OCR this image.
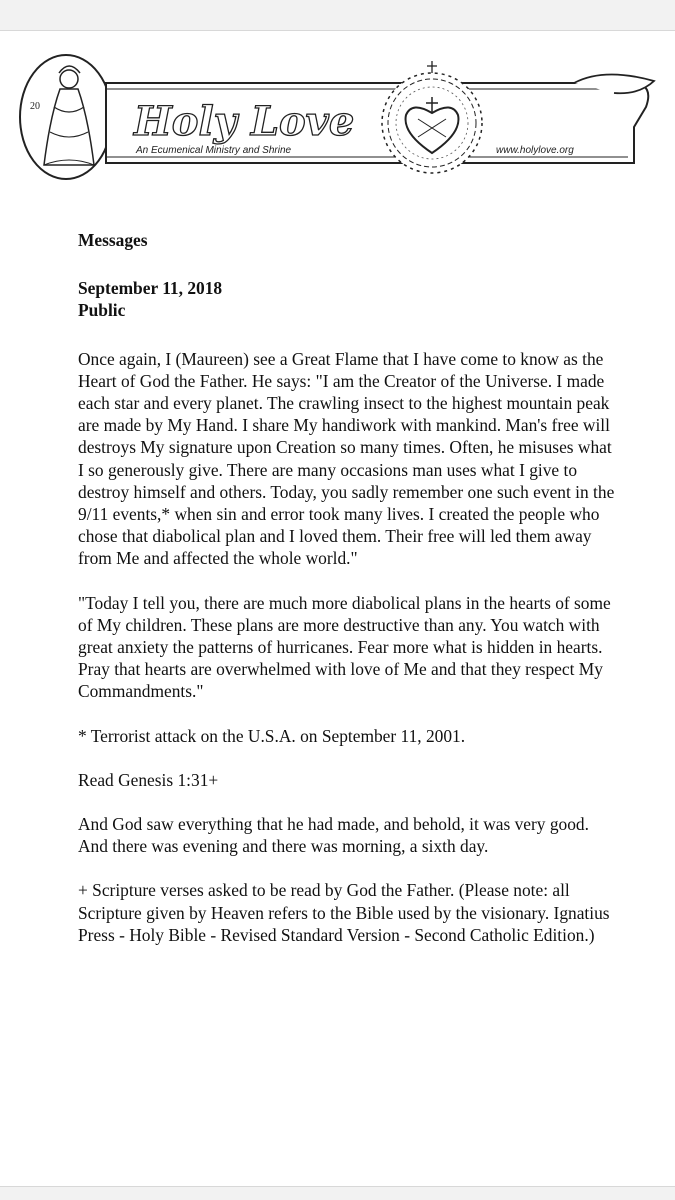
20 Holy Love
An Ecumenical Ministry and Shrine	www.holylove.org

Messages

September 11, 2018

Public

Once again, I (Maureen) see a Great Flame that I have come to know as the Heart of God the Father. He says: "I am the Creator of the Universe. I made each star and every planet. The crawling insect to the highest mountain peak are made by My Hand. I share My handiwork with mankind. Man's free will destroys My signature upon Creation so many times. Often, he misuses what I so generously give. There are many occasions man uses what I give to destroy himself and others. Today, you sadly remember one such event in the 9/11 events,* when sin and error took many lives. I created the people who chose that diabolical plan and I loved them. Their free will led them away from Me and affected the whole world."

"Today I tell you, there are much more diabolical plans in the hearts of some of My children. These plans are more destructive than any. You watch with great anxiety the patterns of hurricanes. Fear more what is hidden in hearts. Pray that hearts are overwhelmed with love of Me and that they respect My Commandments."

* Terrorist attack on the U.S.A. on September 11, 2001.

Read Genesis 1:31+

And God saw everything that he had made, and behold, it was very good. And there was evening and there was morning, a sixth day.

+ Scripture verses asked to be read by God the Father. (Please note: all Scripture given by Heaven refers to the Bible used by the visionary. Ignatius Press - Holy Bible - Revised Standard Version - Second Catholic Edition.)
